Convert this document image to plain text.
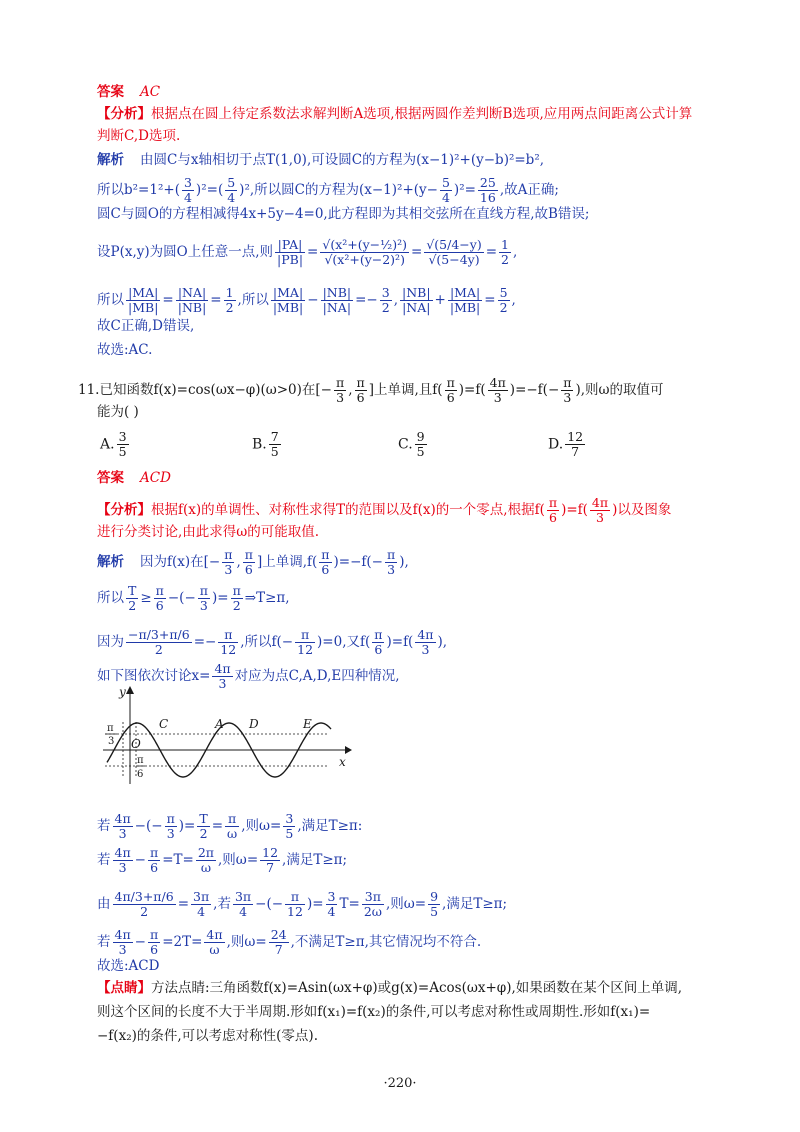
答案 AC
【分析】根据点在圆上待定系数法求解判断A选项,根据两圆作差判断B选项,应用两点间距离公式计算
判断C,D选项.
解析 由圆C与x轴相切于点T(1,0),可设圆C的方程为(x−1)²+(y−b)²=b²,
所以$b^2=1^2+( \frac{3}{4} )^2=( \frac{5}{4} )^2$,所以圆C的方程为$(x-1)^2+(y- \frac{5}{4} )^2= \frac{25}{16}$ ,故A正确;
圆C与圆O的方程相减得4x+5y−4=0,此方程即为其相交弦所在直线方程,故B错误;
设P(x,y)为圆O上任意一点,则 $\frac{|PA|}{|PB|} = \frac{\text{√(x²+(y−½)²)}}{\text{√(x²+(y−2)²)}} = \frac{√(5/4-y)}{√(5-4y)} = \frac{1}{2}$ ,
所以 $\frac{|MA|}{|MB|} = \frac{|NA|}{|NB|} = \frac{1}{2}$ ,所以 $\frac{|MA|}{|MB|} - \frac{|NB|}{|NA|} =- \frac{3}{2}$ , $\frac{|NB|}{|NA|} + \frac{|MA|}{|MB|} = \frac{5}{2}$ ,
故C正确,D错误,
故选:AC.
11.已知函数f(x)=cos(ωx−φ)(ω>0)在[− $\frac{\pi}{3}$ , $\frac{\pi}{6}$ ]上单调,且$f( \frac{\pi}{6} )=f( \frac{4\pi}{3} )=-f(- \frac{\pi}{3}$ ),则ω的取值可
能为( )
A. $\frac{3}{5}$	B. $\frac{7}{5}$	C. $\frac{9}{5}$	D. $\frac{12}{7}$
答案 ACD
【分析】根据f(x)的单调性、对称性求得T的范围以及f(x)的一个零点,根据$f( \frac{\pi}{6} )=f( \frac{4\pi}{3}$ )以及图象
进行分类讨论,由此求得ω的可能取值.
解析 因为f(x)在[− $\frac{\pi}{3}$ , $\frac{\pi}{6}$ ]上单调$,f( \frac{\pi}{6} )=-f(- \frac{\pi}{3}$ ),
所以 $\frac{T}{2} \ge \frac{\pi}{6}$ −(− $\frac{\pi}{3}$ )= $\frac{\pi}{2}$ ⇒T≥π,
因为 $\frac{-\pi/3+\pi/6}{2} =- \frac{\pi}{12}$ ,所以$f(- \frac{\pi}{12} )=0$,又$f( \frac{\pi}{6} )=f( \frac{4\pi}{3}$ ),
如下图依次讨论$x= \frac{4\pi}{3}$ 对应为点C,A,D,E四种情况,
y
x
O
π
3
π
6
C	A D	E
若 $\frac{4\pi}{3}$ −(− $\frac{\pi}{3}$ )= $\frac{T}{2} = \frac{\pi}{\omega}$ ,则$\omega= \frac{3}{5}$ ,满足T≥π:
若 $\frac{4\pi}{3} - \frac{\pi}{6} =T= \frac{2\pi}{\omega}$ ,则$\omega= \frac{12}{7}$ ,满足T≥π;
由 $\frac{4\pi/3+\pi/6}{2} = \frac{3\pi}{4}$ ,若 $\frac{3\pi}{4}$ −(− $\frac{\pi}{12}$ )= $\frac{3}{4} T= \frac{3\pi}{2\omega}$ ,则$\omega= \frac{9}{5}$ ,满足T≥π;
若 $\frac{4\pi}{3} - \frac{\pi}{6} =2T= \frac{4\pi}{\omega}$ ,则$\omega= \frac{24}{7}$ ,不满足T≥π,其它情况均不符合.
故选:ACD
【点睛】方法点睛:三角函数f(x)=Asin(ωx+φ)或g(x)=Acos(ωx+φ),如果函数在某个区间上单调,
则这个区间的长度不大于半周期.形如f(x₁)=f(x₂)的条件,可以考虑对称性或周期性.形如f(x₁)=
−f(x₂)的条件,可以考虑对称性(零点).
·220·
